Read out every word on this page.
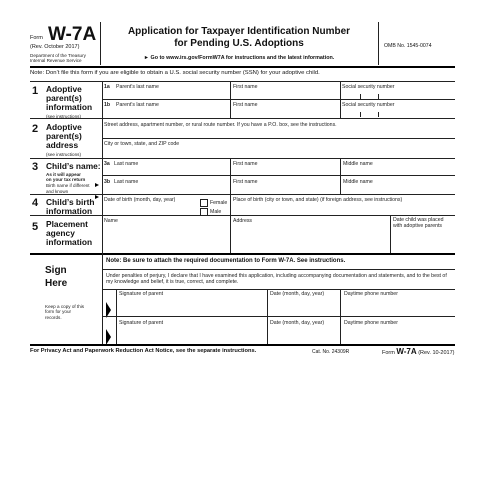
Form W-7A
(Rev. October 2017)
Department of the Treasury
Internal Revenue Service
Application for Taxpayer Identification Number
for Pending U.S. Adoptions
► Go to www.irs.gov/FormW7A for instructions and the latest information.
OMB No. 1545-0074
Note: Don’t file this form if you are eligible to obtain a U.S. social security number (SSN) for your adoptive child.
1 Adoptive
parent(s)
information
(see instructions)
1a Parent’s last name	First name	Social security number
1b Parent’s last name	First name	Social security number
2 Adoptive
parent(s)
address
(see instructions)
Street address, apartment number, or rural route number. If you have a P.O. box, see the instructions.
City or town, state, and ZIP code
3 Child’s name:
As it will appear
on your tax return
Birth name if different
and known
3a Last name	First name	Middle name
3b Last name	First name	Middle name
4 Child’s birth
information
Date of birth (month, day, year)	Female
Male
Place of birth (city or town, and state) (if foreign address, see instructions)
5 Placement
agency
information
Name	Address	Date child was placed with adoptive parents
Sign
Here
Keep a copy of this
form for your
records.
Note: Be sure to attach the required documentation to Form W-7A. See instructions.
Under penalties of perjury, I declare that I have examined this application, including accompanying documentation and statements, and to the best of my knowledge and belief, it is true, correct, and complete.
Signature of parent	Date (month, day, year)	Daytime phone number
Signature of parent	Date (month, day, year)	Daytime phone number
For Privacy Act and Paperwork Reduction Act Notice, see the separate instructions.	Cat. No. 24309R	Form W-7A (Rev. 10-2017)
